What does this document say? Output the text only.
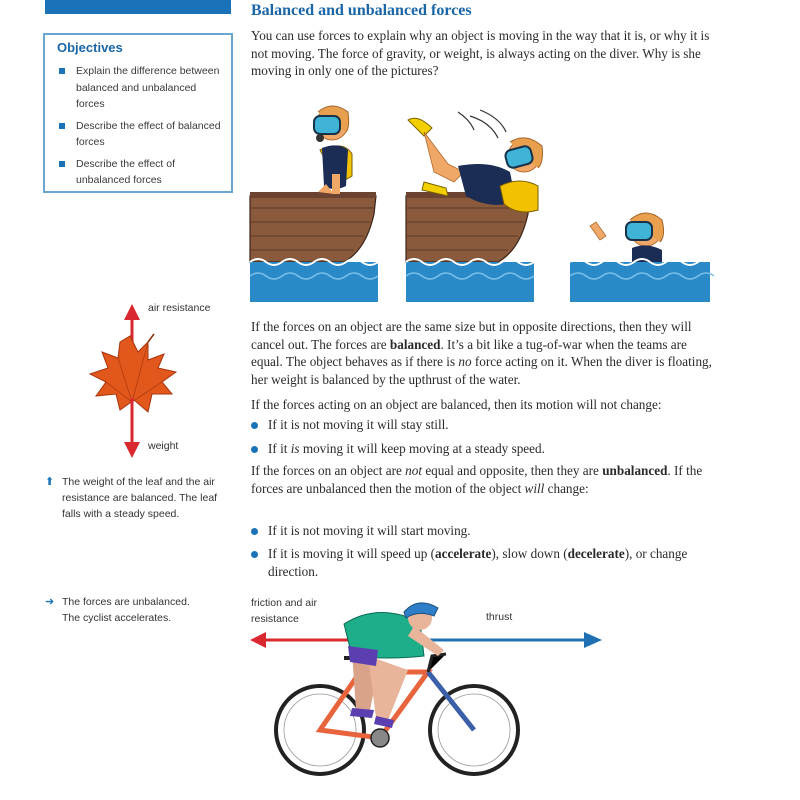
Balanced and unbalanced forces

You can use forces to explain why an object is moving in the way that it is, or why it is not moving. The force of gravity, or weight, is always acting on the diver. Why is she moving in only one of the pictures?

Objectives
Explain the difference between balanced and unbalanced forces
Describe the effect of balanced forces
Describe the effect of unbalanced forces

If the forces on an object are the same size but in opposite directions, then they will cancel out. The forces are balanced. It’s a bit like a tug-of-war when the teams are equal. The object behaves as if there is no force acting on it. When the diver is floating, her weight is balanced by the upthrust of the water.

If the forces acting on an object are balanced, then its motion will not change:

If it is not moving it will stay still.
If it is moving it will keep moving at a steady speed.

If the forces on an object are not equal and opposite, then they are unbalanced. If the forces are unbalanced then the motion of the object will change:

If it is not moving it will start moving.
If it is moving it will speed up (accelerate), slow down (decelerate), or change direction.
air resistance
weight
⬆ The weight of the leaf and the air resistance are balanced. The leaf falls with a steady speed.
➜ The forces are unbalanced. The cyclist accelerates.
friction and air resistance	thrust
